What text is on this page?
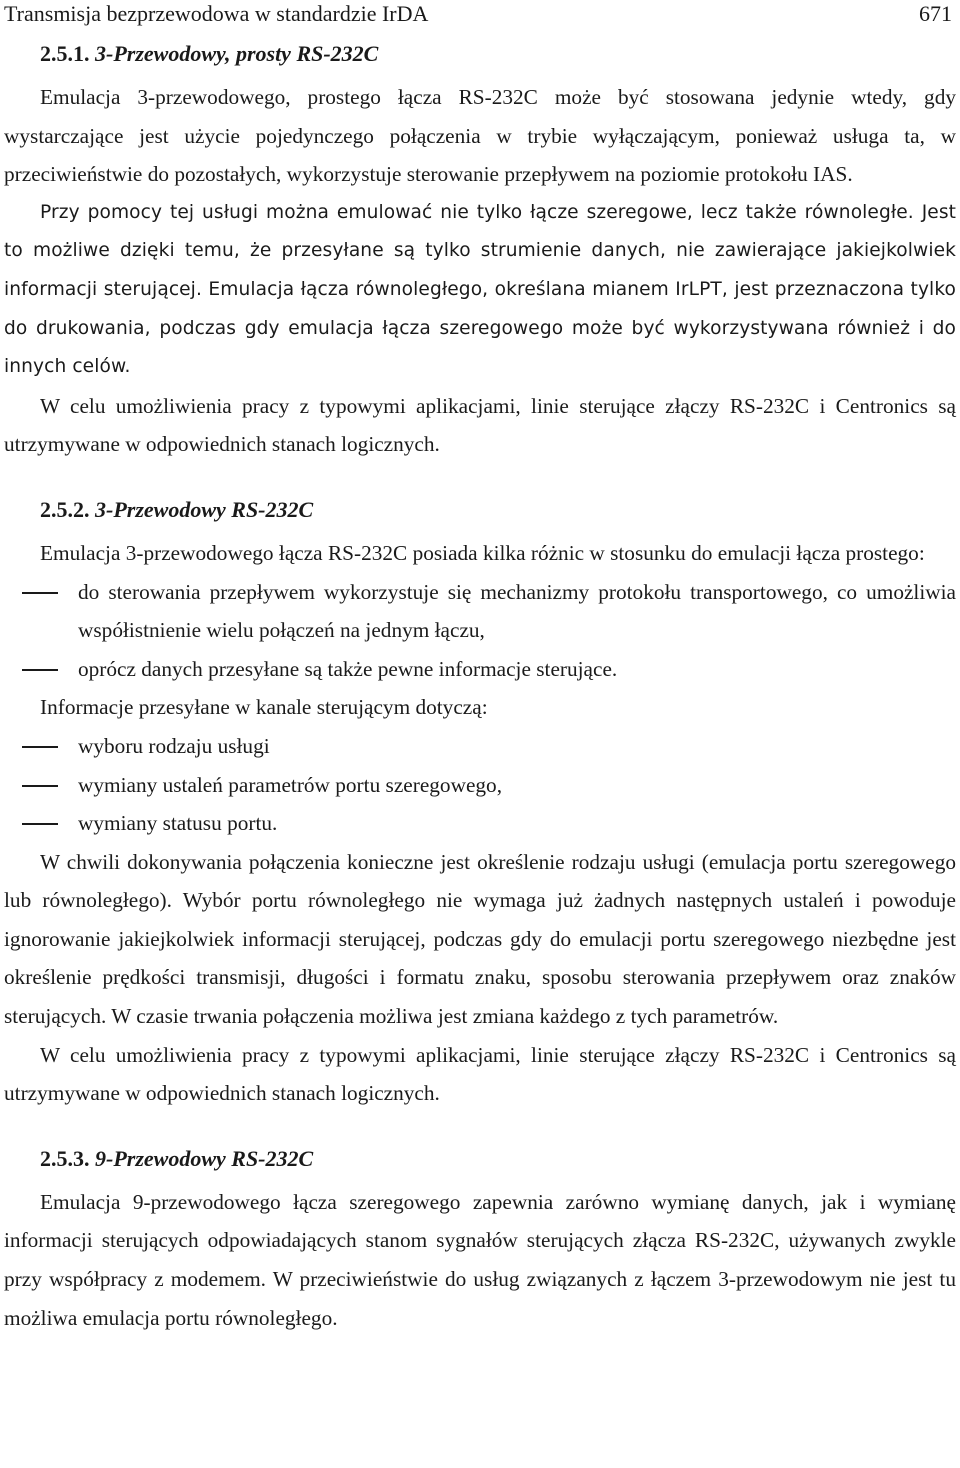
Transmisja bezprzewodowa w standardzie IrDA	671
2.5.1. 3-Przewodowy, prosty RS-232C

Emulacja 3-przewodowego, prostego łącza RS-232C może być stosowana jedynie wtedy, gdy wystarczające jest użycie pojedynczego połączenia w trybie wyłączającym, ponieważ usługa ta, w przeciwieństwie do pozostałych, wykorzystuje sterowanie przepływem na poziomie protokołu IAS.

Przy pomocy tej usługi można emulować nie tylko łącze szeregowe, lecz także równoległe. Jest to możliwe dzięki temu, że przesyłane są tylko strumienie danych, nie zawierające jakiejkolwiek informacji sterującej. Emulacja łącza równoległego, określana mianem IrLPT, jest przeznaczona tylko do drukowania, podczas gdy emulacja łącza szeregowego może być wykorzystywana również i do innych celów.

W celu umożliwienia pracy z typowymi aplikacjami, linie sterujące złączy RS-232C i Centronics są utrzymywane w odpowiednich stanach logicznych.

2.5.2. 3-Przewodowy RS-232C

Emulacja 3-przewodowego łącza RS-232C posiada kilka różnic w stosunku do emulacji łącza prostego:

do sterowania przepływem wykorzystuje się mechanizmy protokołu transportowego, co umożliwia współistnienie wielu połączeń na jednym łączu,
oprócz danych przesyłane są także pewne informacje sterujące.

Informacje przesyłane w kanale sterującym dotyczą:

wyboru rodzaju usługi
wymiany ustaleń parametrów portu szeregowego,
wymiany statusu portu.

W chwili dokonywania połączenia konieczne jest określenie rodzaju usługi (emulacja portu szeregowego lub równoległego). Wybór portu równoległego nie wymaga już żadnych następnych ustaleń i powoduje ignorowanie jakiejkolwiek informacji sterującej, podczas gdy do emulacji portu szeregowego niezbędne jest określenie prędkości transmisji, długości i formatu znaku, sposobu sterowania przepływem oraz znaków sterujących. W czasie trwania połączenia możliwa jest zmiana każdego z tych parametrów.

W celu umożliwienia pracy z typowymi aplikacjami, linie sterujące złączy RS-232C i Centronics są utrzymywane w odpowiednich stanach logicznych.

2.5.3. 9-Przewodowy RS-232C

Emulacja 9-przewodowego łącza szeregowego zapewnia zarówno wymianę danych, jak i wymianę informacji sterujących odpowiadających stanom sygnałów sterujących złącza RS-232C, używanych zwykle przy współpracy z modemem. W przeciwieństwie do usług związanych z łączem 3-przewodowym nie jest tu możliwa emulacja portu równoległego.
